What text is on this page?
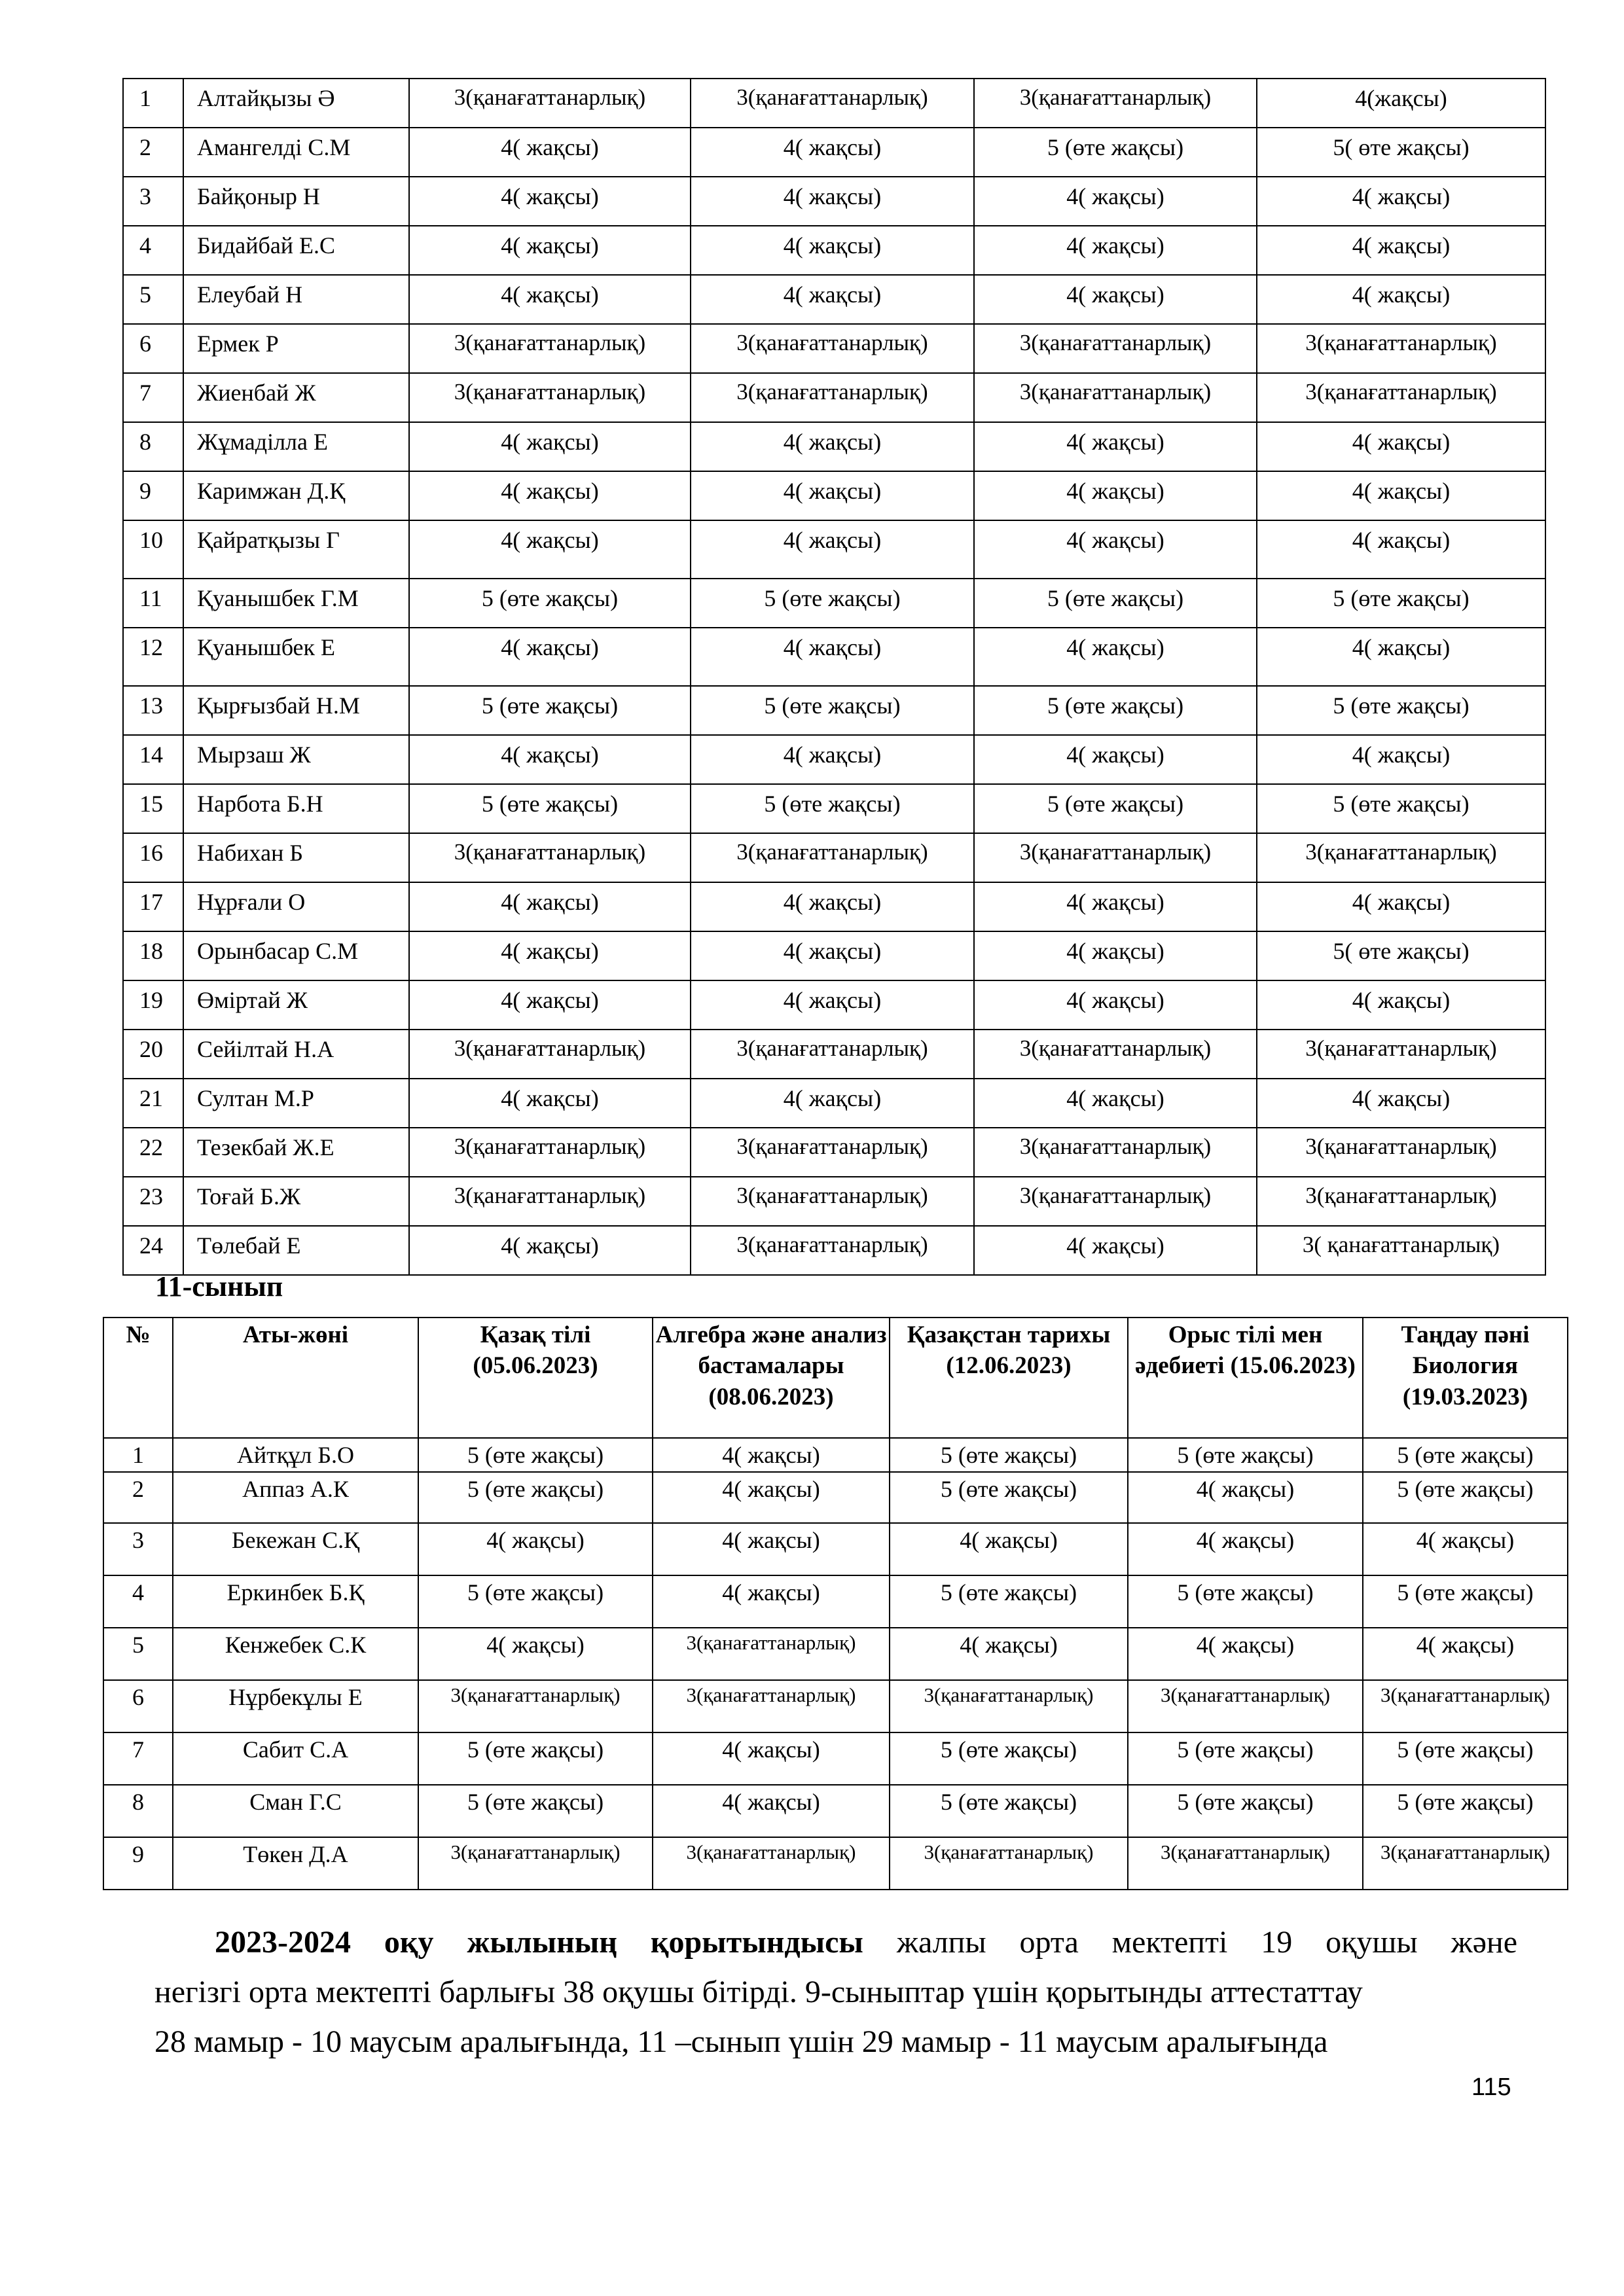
1	Алтайқызы Ә	3(қанағаттанарлық)	3(қанағаттанарлық)	3(қанағаттанарлық)	4(жақсы)
2	Амангелді С.М	4( жақсы)	4( жақсы)	5 (өте жақсы)	5( өте жақсы)
3	Байқоныр Н	4( жақсы)	4( жақсы)	4( жақсы)	4( жақсы)
4	Бидайбай Е.С	4( жақсы)	4( жақсы)	4( жақсы)	4( жақсы)
5	Елеубай Н	4( жақсы)	4( жақсы)	4( жақсы)	4( жақсы)
6	Ермек Р	3(қанағаттанарлық)	3(қанағаттанарлық)	3(қанағаттанарлық)	3(қанағаттанарлық)
7	Жиенбай Ж	3(қанағаттанарлық)	3(қанағаттанарлық)	3(қанағаттанарлық)	3(қанағаттанарлық)
8	Жұмаділла Е	4( жақсы)	4( жақсы)	4( жақсы)	4( жақсы)
9	Каримжан Д.Қ	4( жақсы)	4( жақсы)	4( жақсы)	4( жақсы)
10	Қайратқызы Г	4( жақсы)	4( жақсы)	4( жақсы)	4( жақсы)
11	Қуанышбек Г.М	5 (өте жақсы)	5 (өте жақсы)	5 (өте жақсы)	5 (өте жақсы)
12	Қуанышбек Е	4( жақсы)	4( жақсы)	4( жақсы)	4( жақсы)
13	Қырғызбай Н.М	5 (өте жақсы)	5 (өте жақсы)	5 (өте жақсы)	5 (өте жақсы)
14	Мырзаш Ж	4( жақсы)	4( жақсы)	4( жақсы)	4( жақсы)
15	Нарбота Б.Н	5 (өте жақсы)	5 (өте жақсы)	5 (өте жақсы)	5 (өте жақсы)
16	Набихан Б	3(қанағаттанарлық)	3(қанағаттанарлық)	3(қанағаттанарлық)	3(қанағаттанарлық)
17	Нұрғали О	4( жақсы)	4( жақсы)	4( жақсы)	4( жақсы)
18	Орынбасар С.М	4( жақсы)	4( жақсы)	4( жақсы)	5( өте жақсы)
19	Өміртай Ж	4( жақсы)	4( жақсы)	4( жақсы)	4( жақсы)
20	Сейілтай Н.А	3(қанағаттанарлық)	3(қанағаттанарлық)	3(қанағаттанарлық)	3(қанағаттанарлық)
21	Султан М.Р	4( жақсы)	4( жақсы)	4( жақсы)	4( жақсы)
22	Тезекбай Ж.Е	3(қанағаттанарлық)	3(қанағаттанарлық)	3(қанағаттанарлық)	3(қанағаттанарлық)
23	Тоғай Б.Ж	3(қанағаттанарлық)	3(қанағаттанарлық)	3(қанағаттанарлық)	3(қанағаттанарлық)
24	Төлебай Е	4( жақсы)	3(қанағаттанарлық)	4( жақсы)	3( қанағаттанарлық)
11-сынып
№	Аты-жөні	Қазақ тілі (05.06.2023)	Алгебра және анализ бастамалары (08.06.2023)	Қазақстан тарихы (12.06.2023)	Орыс тілі мен әдебиеті (15.06.2023)	Таңдау пәні Биология (19.03.2023)
1	Айтқұл Б.О	5 (өте жақсы)	4( жақсы)	5 (өте жақсы)	5 (өте жақсы)	5 (өте жақсы)
2	Аппаз А.К	5 (өте жақсы)	4( жақсы)	5 (өте жақсы)	4( жақсы)	5 (өте жақсы)
3	Бекежан С.Қ	4( жақсы)	4( жақсы)	4( жақсы)	4( жақсы)	4( жақсы)
4	Еркинбек Б.Қ	5 (өте жақсы)	4( жақсы)	5 (өте жақсы)	5 (өте жақсы)	5 (өте жақсы)
5	Кенжебек С.К	4( жақсы)	3(қанағаттанарлық)	4( жақсы)	4( жақсы)	4( жақсы)
6	Нұрбекұлы Е	3(қанағаттанарлық)	3(қанағаттанарлық)	3(қанағаттанарлық)	3(қанағаттанарлық)	3(қанағаттанарлық)
7	Сабит С.А	5 (өте жақсы)	4( жақсы)	5 (өте жақсы)	5 (өте жақсы)	5 (өте жақсы)
8	Сман Г.С	5 (өте жақсы)	4( жақсы)	5 (өте жақсы)	5 (өте жақсы)	5 (өте жақсы)
9	Төкен Д.А	3(қанағаттанарлық)	3(қанағаттанарлық)	3(қанағаттанарлық)	3(қанағаттанарлық)	3(қанағаттанарлық)
2023-2024 оқу жылының қорытындысы жалпы орта мектепті 19 оқушы және
негізгі орта мектепті барлығы 38 оқушы бітірді. 9-сыныптар үшін қорытынды аттестаттау
28 мамыр - 10 маусым аралығында, 11 –сынып үшін 29 мамыр - 11 маусым аралығында
115
